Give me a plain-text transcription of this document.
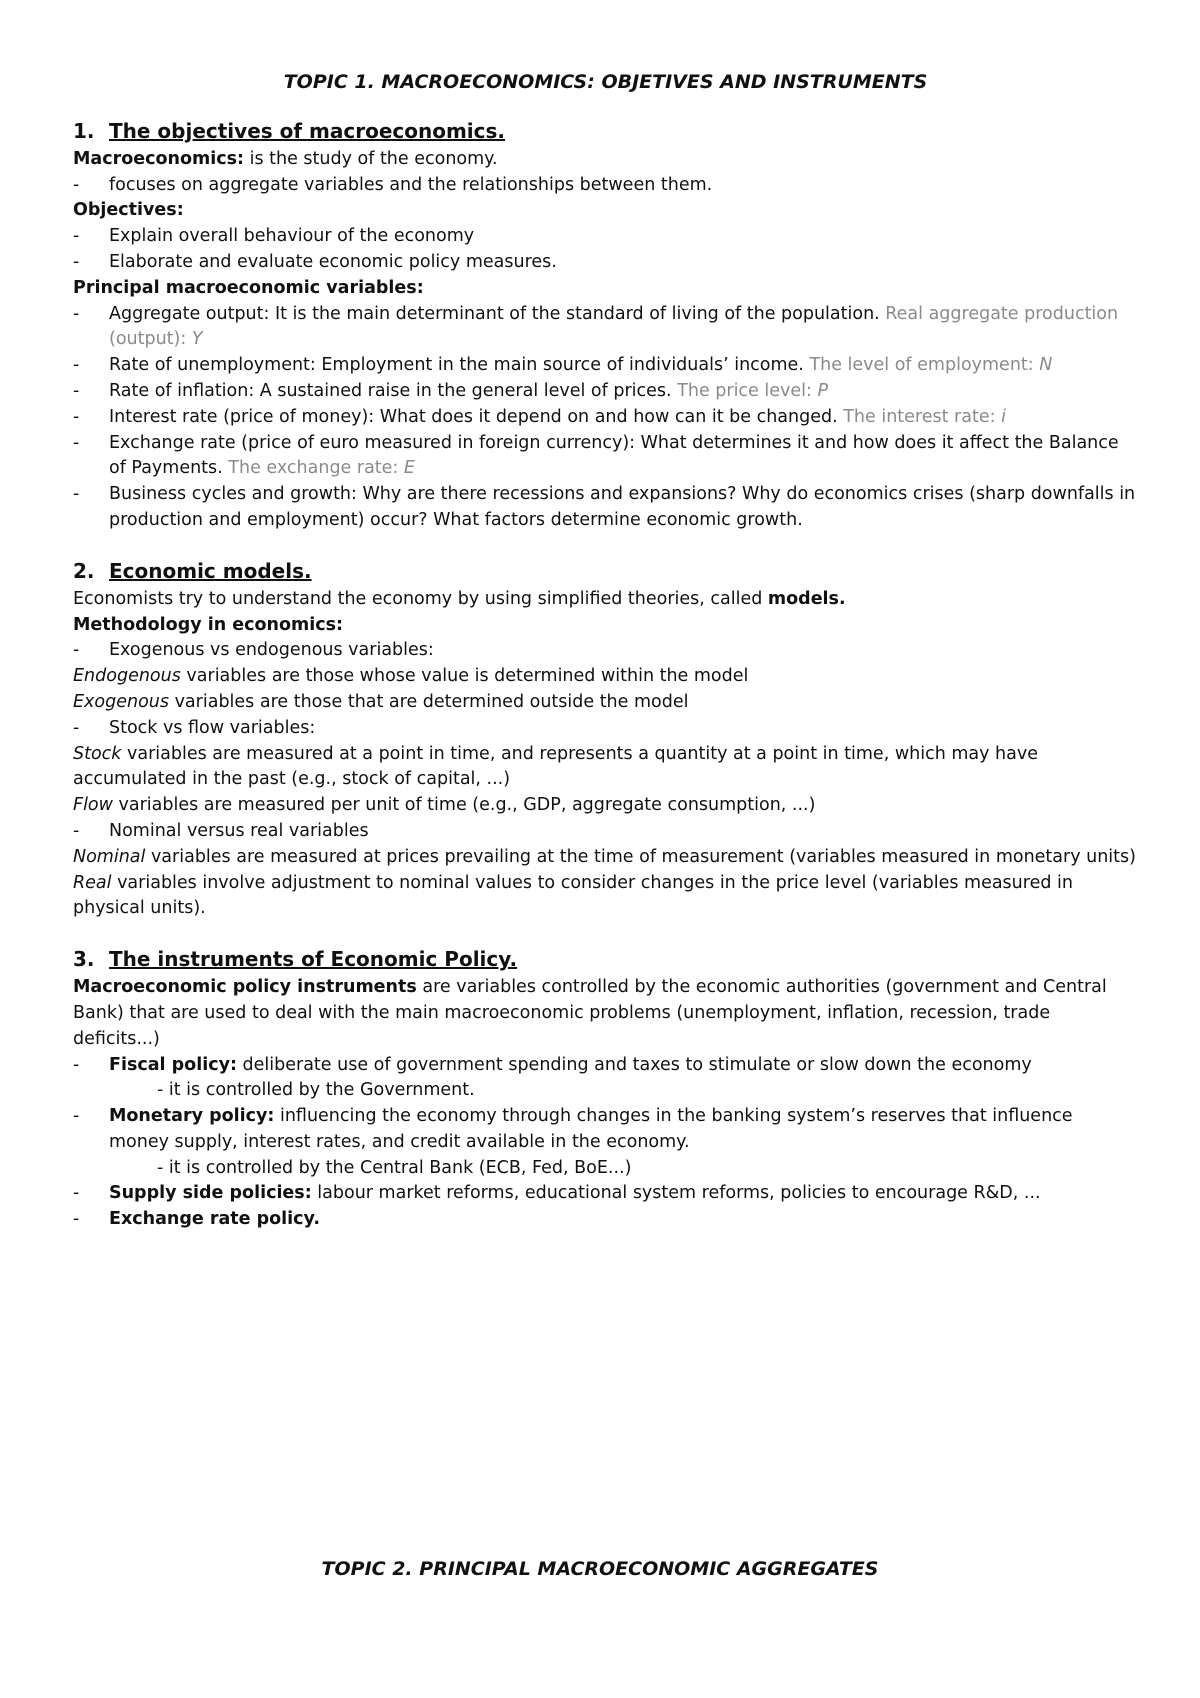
TOPIC 1. MACROECONOMICS: OBJETIVES AND INSTRUMENTS
1. The objectives of macroeconomics.

Macroeconomics: is the study of the economy.

- focuses on aggregate variables and the relationships between them.

Objectives:

- Explain overall behaviour of the economy

- Elaborate and evaluate economic policy measures.

Principal macroeconomic variables:

- Aggregate output: It is the main determinant of the standard of living of the population. Real aggregate production (output): Y

- Rate of unemployment: Employment in the main source of individuals’ income. The level of employment: N

- Rate of inflation: A sustained raise in the general level of prices. The price level: P

- Interest rate (price of money): What does it depend on and how can it be changed. The interest rate: i

- Exchange rate (price of euro measured in foreign currency): What determines it and how does it affect the Balance of Payments. The exchange rate: E

- Business cycles and growth: Why are there recessions and expansions? Why do economics crises (sharp downfalls in production and employment) occur? What factors determine economic growth.

2. Economic models.

Economists try to understand the economy by using simplified theories, called models.

Methodology in economics:

- Exogenous vs endogenous variables:

Endogenous variables are those whose value is determined within the model

Exogenous variables are those that are determined outside the model

- Stock vs flow variables:

Stock variables are measured at a point in time, and represents a quantity at a point in time, which may have accumulated in the past (e.g., stock of capital, ...)

Flow variables are measured per unit of time (e.g., GDP, aggregate consumption, ...)

- Nominal versus real variables

Nominal variables are measured at prices prevailing at the time of measurement (variables measured in monetary units)

Real variables involve adjustment to nominal values to consider changes in the price level (variables measured in physical units).

3. The instruments of Economic Policy.

Macroeconomic policy instruments are variables controlled by the economic authorities (government and Central Bank) that are used to deal with the main macroeconomic problems (unemployment, inflation, recession, trade deficits...)

- Fiscal policy: deliberate use of government spending and taxes to stimulate or slow down the economy

- it is controlled by the Government.

- Monetary policy: influencing the economy through changes in the banking system’s reserves that influence money supply, interest rates, and credit available in the economy.

- it is controlled by the Central Bank (ECB, Fed, BoE...)

- Supply side policies: labour market reforms, educational system reforms, policies to encourage R&D, ...

- Exchange rate policy.

TOPIC 2. PRINCIPAL MACROECONOMIC AGGREGATES
